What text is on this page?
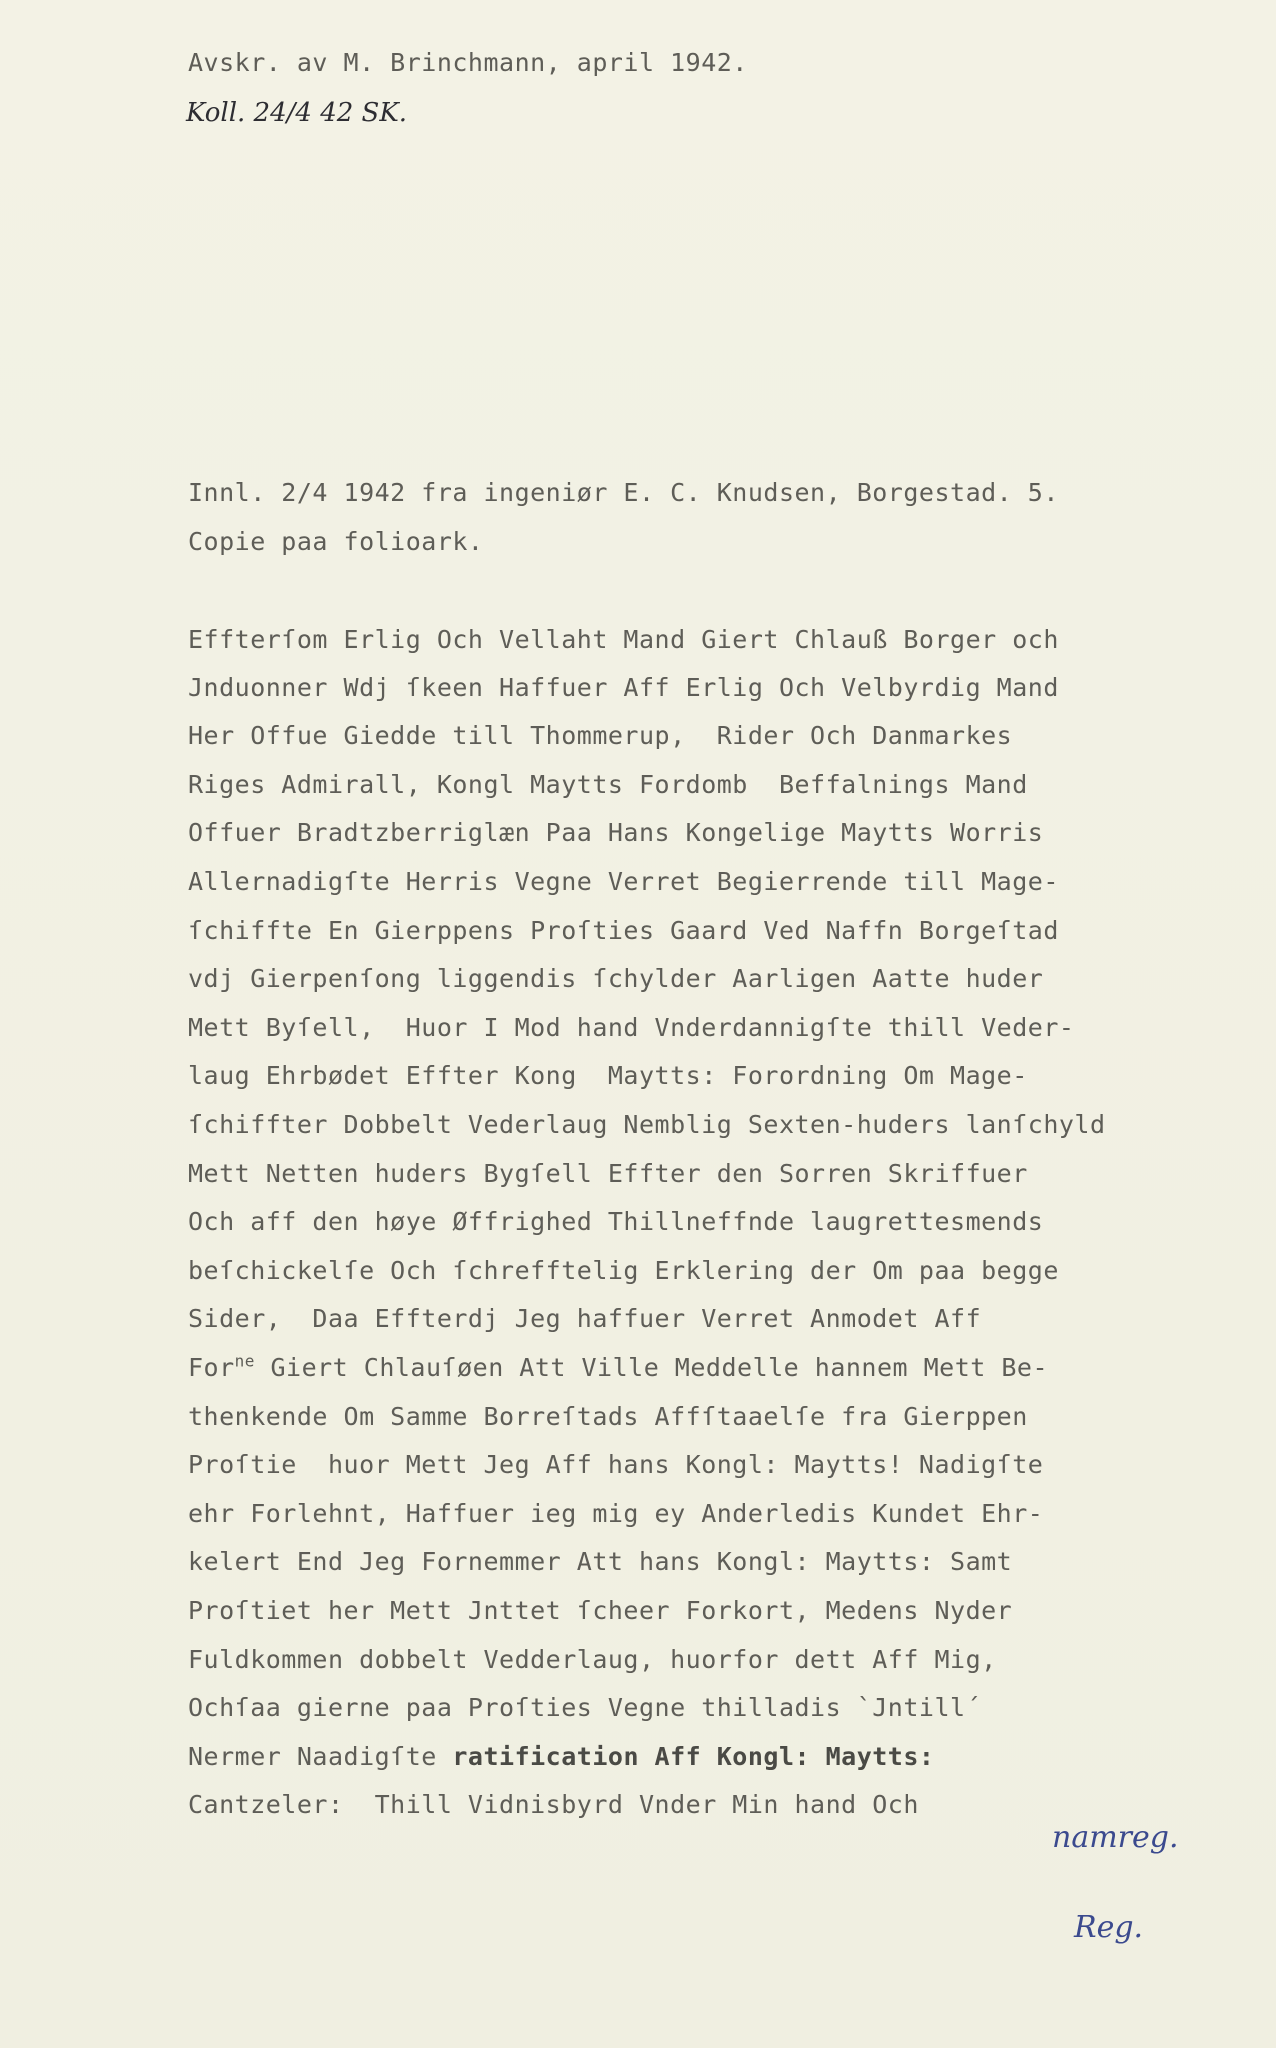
Avskr. av M. Brinchmann, april 1942.
Koll. 24/4 42 SK.
Innl. 2/4 1942 fra ingeniør E. C. Knudsen, Borgestad. 5.
Copie paa folioark.
Effterſom Erlig Och Vellaht Mand Giert Chlauß Borger och
Jnduonner Wdj ſkeen Haffuer Aff Erlig Och Velbyrdig Mand
Her Offue Giedde till Thommerup,  Rider Och Danmarkes
Riges Admirall, Kongl Maytts Fordomb  Beffalnings Mand
Offuer Bradtzberriglæn Paa Hans Kongelige Maytts Worris
Allernadigſte Herris Vegne Verret Begierrende till Mage-
ſchiffte En Gierppens Proſties Gaard Ved Naffn Borgeſtad
vdj Gierpenſong liggendis ſchylder Aarligen Aatte huder
Mett Byſell,  Huor I Mod hand Vnderdannigſte thill Veder-
laug Ehrbødet Effter Kong  Maytts: Forordning Om Mage-
ſchiffter Dobbelt Vederlaug Nemblig Sexten-huders lanſchyld
Mett Netten huders Bygſell Effter den Sorren Skriffuer
Och aff den høye Øffrighed Thillneffnde laugrettesmends
beſchickelſe Och ſchrefftelig Erklering der Om paa begge
Sider,  Daa Effterdj Jeg haffuer Verret Anmodet Aff
For$^{ne}$ Giert Chlauſøen Att Ville Meddelle hannem Mett Be-
thenkende Om Samme Borreſtads Affſtaaelſe fra Gierppen
Proſtie  huor Mett Jeg Aff hans Kongl: Maytts! Nadigſte
ehr Forlehnt, Haffuer ieg mig ey Anderledis Kundet Ehr-
kelert End Jeg Fornemmer Att hans Kongl: Maytts: Samt
Proſtiet her Mett Jnttet ſcheer Forkort, Medens Nyder
Fuldkommen dobbelt Vedderlaug, huorfor dett Aff Mig,
Ochſaa gierne paa Proſties Vegne thilladis `Jntill´
Nermer Naadigſte ratification Aff Kongl: Maytts:
Cantzeler:  Thill Vidnisbyrd Vnder Min hand Och
namreg.
Reg.
